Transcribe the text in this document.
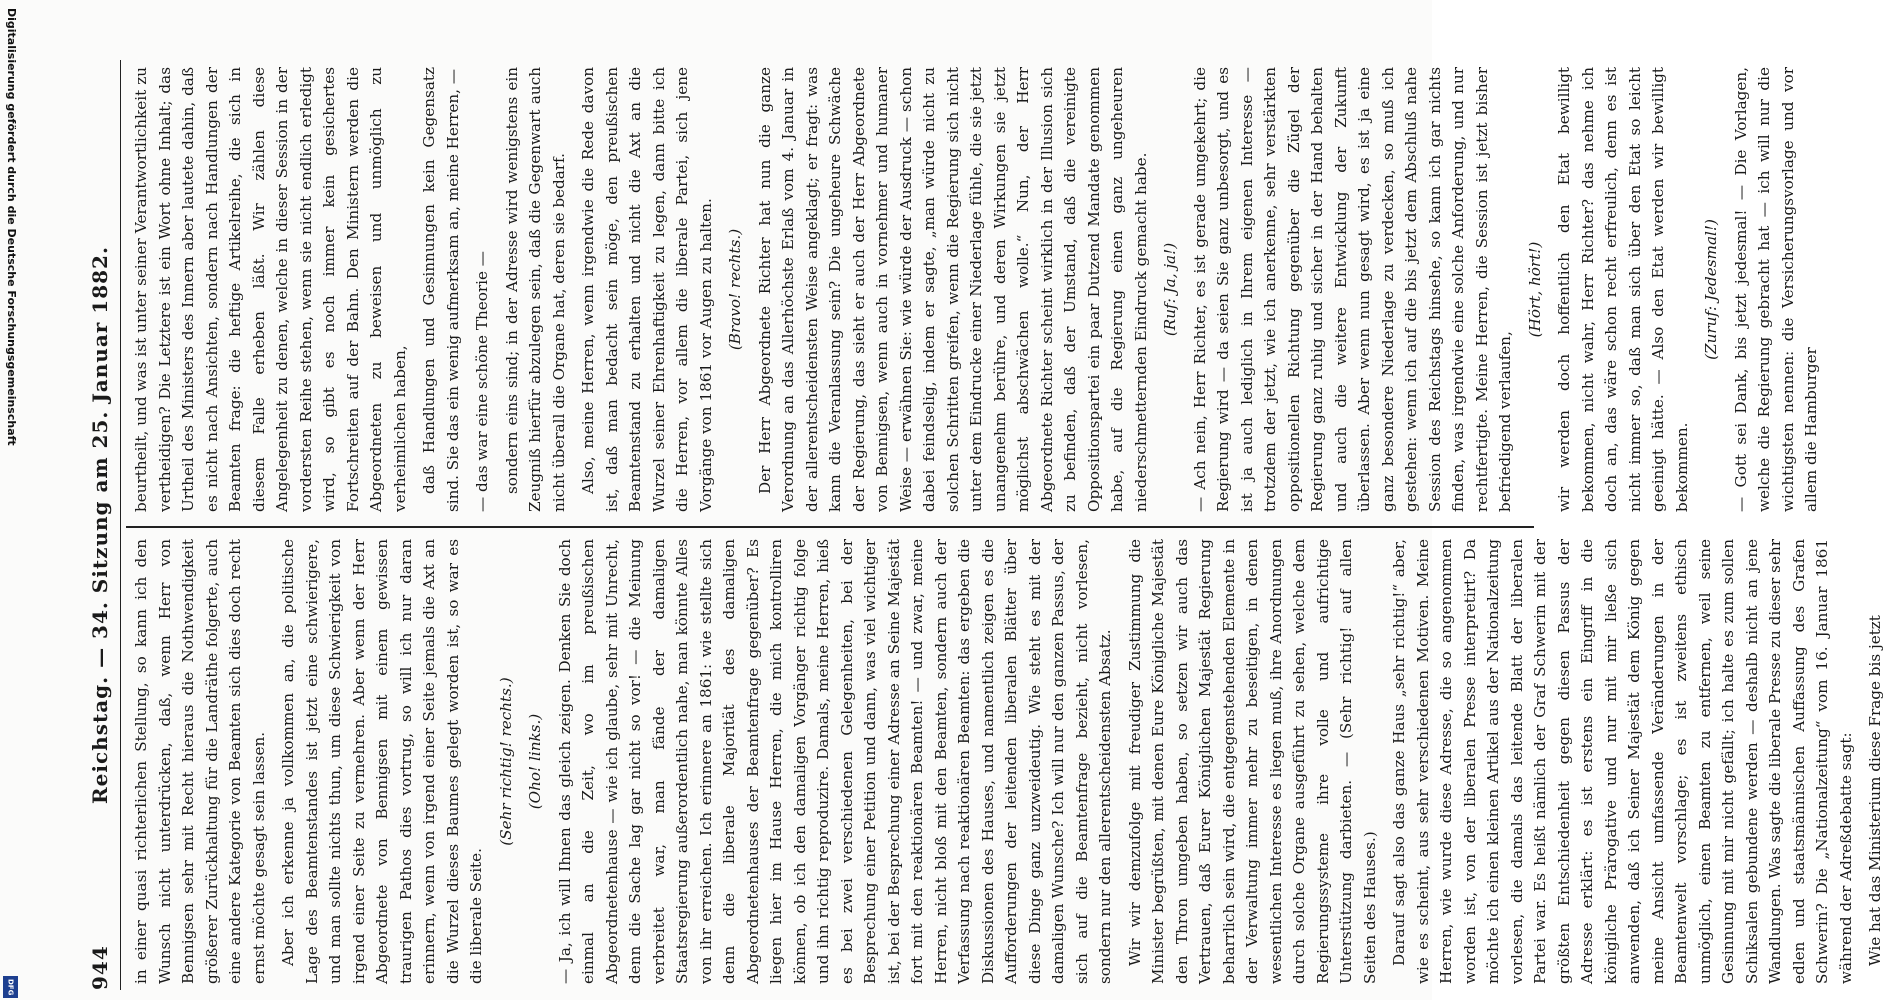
944
Reichstag. — 34. Sitzung am 25. Januar 1882. in einer quasi richterlichen Stellung, so kann ich den Wunsch nicht unterdrücken, daß, wenn Herr von Bennigsen sehr mit Recht hieraus die Nothwendigkeit größerer Zurückhaltung für die Landräthe folgerte, auch eine andere Kategorie von Beamten sich dies doch recht ernst möchte gesagt sein lassen. Aber ich erkenne ja vollkommen an, die politische Lage des Beamtenstandes ist jetzt eine schwierigere, und man sollte nichts thun, um diese Schwierigkeit von irgend einer Seite zu vermehren. Aber wenn der Herr Abgeordnete von Bennigsen mit einem gewissen traurigen Pathos dies vortrug, so will ich nur daran erinnern, wenn von irgend einer Seite jemals die Axt an die Wurzel dieses Baumes gelegt worden ist, so war es die liberale Seite.

(Sehr richtig! rechts.) (Oho! links.) — Ja, ich will Ihnen das gleich zeigen. Denken Sie doch einmal an die Zeit, wo im preußischen Abgeordnetenhause — wie ich glaube, sehr mit Unrecht, denn die Sache lag gar nicht so vor! — die Meinung verbreitet war, man fände der damaligen Staatsregierung außerordentlich nahe, man könnte Alles von ihr erreichen. Ich erinnere an 1861: wie stellte sich denn die liberale Majorität des damaligen Abgeordnetenhauses der Beamtenfrage gegenüber? Es liegen hier im Hause Herren, die mich kontrolliren können, ob ich den damaligen Vorgänger richtig folge und ihn richtig reproduzire. Damals, meine Herren, hieß es bei zwei verschiedenen Gelegenheiten, bei der Besprechung einer Petition und dann, was viel wichtiger ist, bei der Besprechung einer Adresse an Seine Majestät fort mit den reaktionären Beamten! — und zwar, meine Herren, nicht bloß mit den Beamten, sondern auch der Verfassung nach reaktionären Beamten: das ergeben die Diskussionen des Hauses, und namentlich zeigen es die Aufforderungen der leitenden liberalen Blätter über diese Dinge ganz unzweideutig. Wie steht es mit der damaligen Wunsche? Ich will nur den ganzen Passus, der sich auf die Beamtenfrage bezieht, nicht vorlesen, sondern nur den allerentscheidensten Absatz. Wir wir demzufolge mit freudiger Zustimmung die Minister begrüßten, mit denen Eure Königliche Majestät den Thron umgeben haben, so setzen wir auch das Vertrauen, daß Eurer Königlichen Majestät Regierung beharrlich sein wird, die entgegenstehenden Elemente in der Verwaltung immer mehr zu beseitigen, in denen wesentlichen Interesse es liegen muß, ihre Anordnungen durch solche Organe ausgeführt zu sehen, welche dem Regierungssysteme ihre volle und aufrichtige Unterstützung darbieten. — (Sehr richtig! auf allen Seiten des Hauses.) Darauf sagt also das ganze Haus „sehr richtig!“ aber, wie es scheint, aus sehr verschiedenen Motiven. Meine Herren, wie wurde diese Adresse, die so angenommen worden ist, von der liberalen Presse interpretirt? Da möchte ich einen kleinen Artikel aus der Nationalzeitung vorlesen, die damals das leitende Blatt der liberalen Partei war. Es heißt nämlich der Graf Schwerin mit der größten Entschiedenheit gegen diesen Passus der Adresse erklärt: es ist erstens ein Eingriff in die königliche Prärogative und nur mit mir ließe sich anwenden, daß ich Seiner Majestät dem König gegen meine Ansicht umfassende Veränderungen in der Beamtenwelt vorschlage; es ist zweitens ethisch unmöglich, einen Beamten zu entfernen, weil seine Gesinnung mit mir nicht gefällt; ich halte es zum sollen Schiksalen gebundene werden — deshalb nicht an jene Wandlungen. Was sagte die liberale Presse zu dieser sehr edlen und staatsmännischen Auffassung des Grafen Schwerin? Die „Nationalzeitung“ vom 16. Januar 1861 während der Adreßdebatte sagt: Wie hat das Ministerium diese Frage bis jetzt

beurtheilt, und was ist unter seiner Verantwortlichkeit zu vertheidigen? Die Letztere ist ein Wort ohne Inhalt; das Urtheil des Ministers des Innern aber lautete dahin, daß es nicht nach Ansichten, sondern nach Handlungen der Beamten frage: die heftige Artikelreihe, die sich in diesem Falle erheben läßt. Wir zählen diese Angelegenheit zu denen, welche in dieser Session in der vordersten Reihe stehen, wenn sie nicht endlich erledigt wird, so gibt es noch immer kein gesichertes Fortschreiten auf der Bahn. Den Ministern werden die Abgeordneten zu beweisen und unmöglich zu verheimlichen haben, daß Handlungen und Gesinnungen kein Gegensatz sind. Sie das ein wenig aufmerksam an, meine Herren, — — das war eine schöne Theorie — sondern eins sind; in der Adresse wird wenigstens ein Zeugniß hierfür abzulegen sein, daß die Gegenwart auch nicht überall die Organe hat, deren sie bedarf. Also, meine Herren, wenn irgendwie die Rede davon ist, daß man bedacht sein möge, den preußischen Beamtenstand zu erhalten und nicht die Axt an die Wurzel seiner Ehrenhaftigkeit zu legen, dann bitte ich die Herren, vor allem die liberale Partei, sich jene Vorgänge von 1861 vor Augen zu halten. (Bravo! rechts.) Der Herr Abgeordnete Richter hat nun die ganze Verordnung an das Allerhöchste Erlaß vom 4. Januar in der allerentscheidensten Weise angeklagt; er fragt: was kann die Veranlassung sein? Die ungeheure Schwäche der Regierung, das sieht er auch der Herr Abgeordnete von Bennigsen, wenn auch in vornehmer und humaner Weise — erwähnen Sie: wie würde der Ausdruck — schon dabei feindselig, indem er sagte, „man würde nicht zu solchen Schritten greifen, wenn die Regierung sich nicht unter dem Eindrucke einer Niederlage fühle, die sie jetzt unangenehm berühre, und deren Wirkungen sie jetzt möglichst abschwächen wolle.“ Nun, der Herr Abgeordnete Richter scheint wirklich in der Illusion sich zu befinden, daß der Umstand, daß die vereinigte Oppositionspartei ein paar Dutzend Mandate genommen habe, auf die Regierung einen ganz ungeheuren niederschmetternden Eindruck gemacht habe. (Ruf: Ja, ja!) — Ach nein, Herr Richter, es ist gerade umgekehrt; die Regierung wird — da seien Sie ganz unbesorgt, und es ist ja auch lediglich in Ihrem eigenen Interesse — trotzdem der jetzt, wie ich anerkenne, sehr verstärkten oppositionellen Richtung gegenüber die Zügel der Regierung ganz ruhig und sicher in der Hand behalten und auch die weitere Entwicklung der Zukunft überlassen. Aber wenn nun gesagt wird, es ist ja eine ganz besondere Niederlage zu verdecken, so muß ich gestehen: wenn ich auf die bis jetzt dem Abschluß nahe Session des Reichstags hinsehe, so kann ich gar nichts finden, was irgendwie eine solche Anforderung, und nur rechtfertigte. Meine Herren, die Session ist jetzt bisher befriedigend verlaufen,

(Hört, hört!) wir werden doch hoffentlich den Etat bewilligt bekommen, nicht wahr, Herr Richter? das nehme ich doch an, das wäre schon recht erfreulich, denn es ist nicht immer so, daß man sich über den Etat so leicht geeinigt hätte. — Also den Etat werden wir bewilligt bekommen.

(Zuruf: Jedesmal!) — Gott sei Dank, bis jetzt jedesmal! — Die Vorlagen, welche die Regierung gebracht hat — ich will nur die wichtigsten nennen: die Versicherungsvorlage und vor allem die Hamburger

Digitalisierung gefördert durch die Deutsche Forschungsgemeinschaft
DFG
